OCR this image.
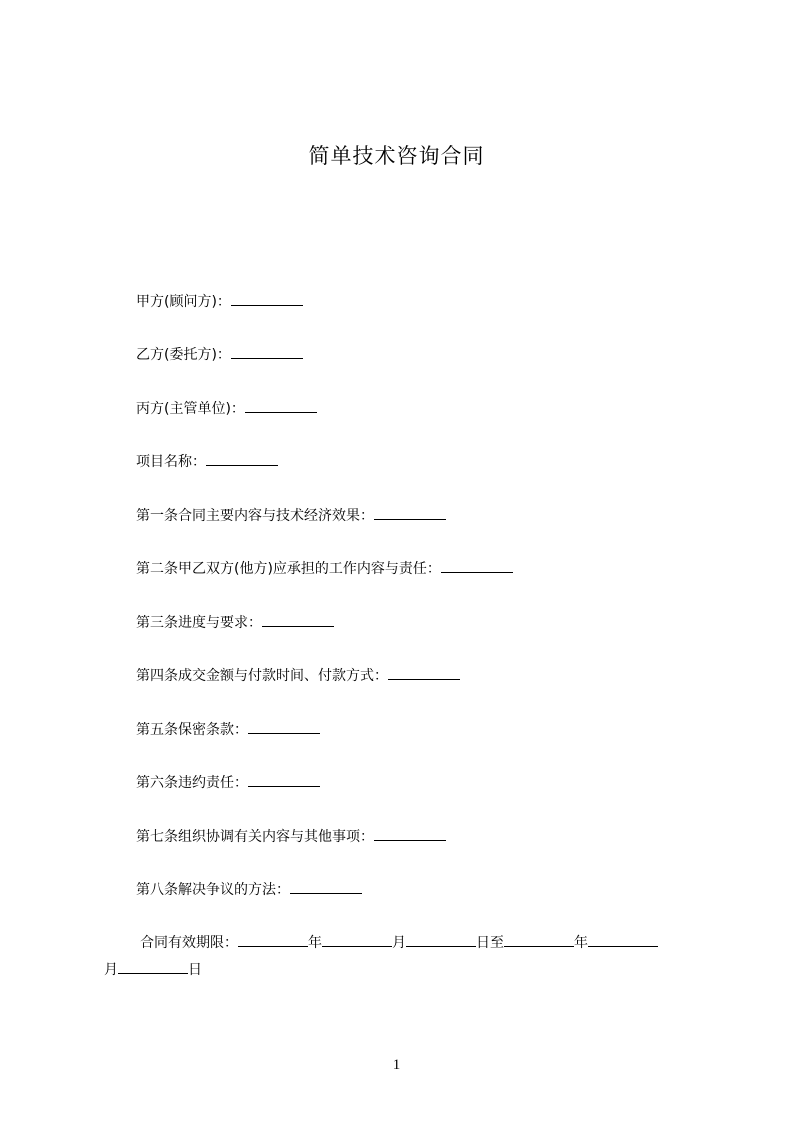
简单技术咨询合同
甲方(顾问方)：
乙方(委托方)：
丙方(主管单位)：
项目名称：
第一条合同主要内容与技术经济效果：
第二条甲乙双方(他方)应承担的工作内容与责任：
第三条进度与要求：
第四条成交金额与付款时间、付款方式：
第五条保密条款：
第六条违约责任：
第七条组织协调有关内容与其他事项：
第八条解决争议的方法：
合同有效期限：	年	月	日至	年
月	日
1
